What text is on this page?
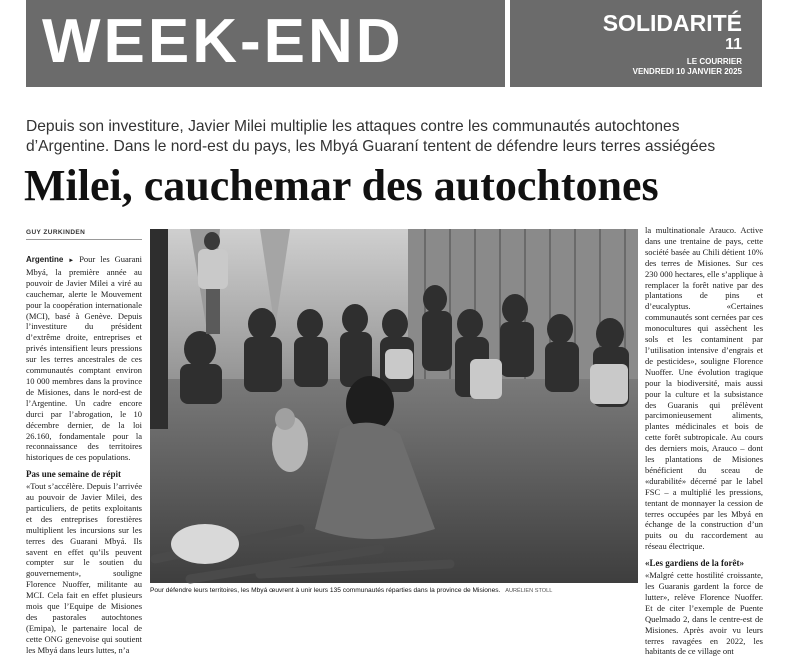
WEEK-END	SOLIDARITÉ
11
LE COURRIER
VENDREDI 10 JANVIER 2025

Depuis son investiture, Javier Milei multiplie les attaques contre les communautés autochtones d’Argentine. Dans le nord-est du pays, les Mbyá Guaraní tentent de défendre leurs terres assiégées

Milei, cauchemar des autochtones
GUY ZURKINDEN

Argentine ► Pour les Guarani Mbyá, la première année au pouvoir de Javier Milei a viré au cauchemar, alerte le Mouvement pour la coopération internationale (MCI), basé à Genève. Depuis l’investiture du président d’extrême droite, entreprises et privés intensifient leurs pressions sur les terres ancestrales de ces communautés comptant environ 10 000 membres dans la province de Misiones, dans le nord-est de l’Argentine. Un cadre encore durci par l’abrogation, le 10 décembre dernier, de la loi 26.160, fondamentale pour la reconnaissance des territoires historiques de ces populations.

Pas une semaine de répit

«Tout s’accélère. Depuis l’arrivée au pouvoir de Javier Milei, des particuliers, de petits exploitants et des entreprises forestières multiplient les incursions sur les terres des Guarani Mbyá. Ils savent en effet qu’ils peuvent compter sur le soutien du gouvernement», souligne Florence Nuoffer, militante au MCI. Cela fait en effet plusieurs mois que l’Equipe de Misiones des pastorales autochtones (Emipa), le partenaire local de cette ONG genevoise qui soutient les Mbyá dans leurs luttes, n’a

Pour défendre leurs territoires, les Mbyá œuvrent à unir leurs 135 communautés réparties dans la province de Misiones. AURÉLIEN STOLL

la multinationale Arauco. Active dans une trentaine de pays, cette société basée au Chili détient 10% des terres de Misiones. Sur ces 230 000 hectares, elle s’applique à remplacer la forêt native par des plantations de pins et d’eucalyptus. «Certaines communautés sont cernées par ces monocultures qui assèchent les sols et les contaminent par l’utilisation intensive d’engrais et de pesticides», souligne Florence Nuoffer. Une évolution tragique pour la biodiversité, mais aussi pour la culture et la subsistance des Guaranis qui prélèvent parcimonieusement aliments, plantes médicinales et bois de cette forêt subtropicale. Au cours des derniers mois, Arauco – dont les plantations de Misiones bénéficient du sceau de «durabilité» décerné par le label FSC – a multiplié les pressions, tentant de monnayer la cession de terres occupées par les Mbyá en échange de la construction d’un puits ou du raccordement au réseau électrique.

«Les gardiens de la forêt»

«Malgré cette hostilité croissante, les Guaranis gardent la force de lutter», relève Florence Nuoffer. Et de citer l’exemple de Puente Quelmado 2, dans le centre-est de Misiones. Après avoir vu leurs terres ravagées en 2022, les habitants de ce village ont
